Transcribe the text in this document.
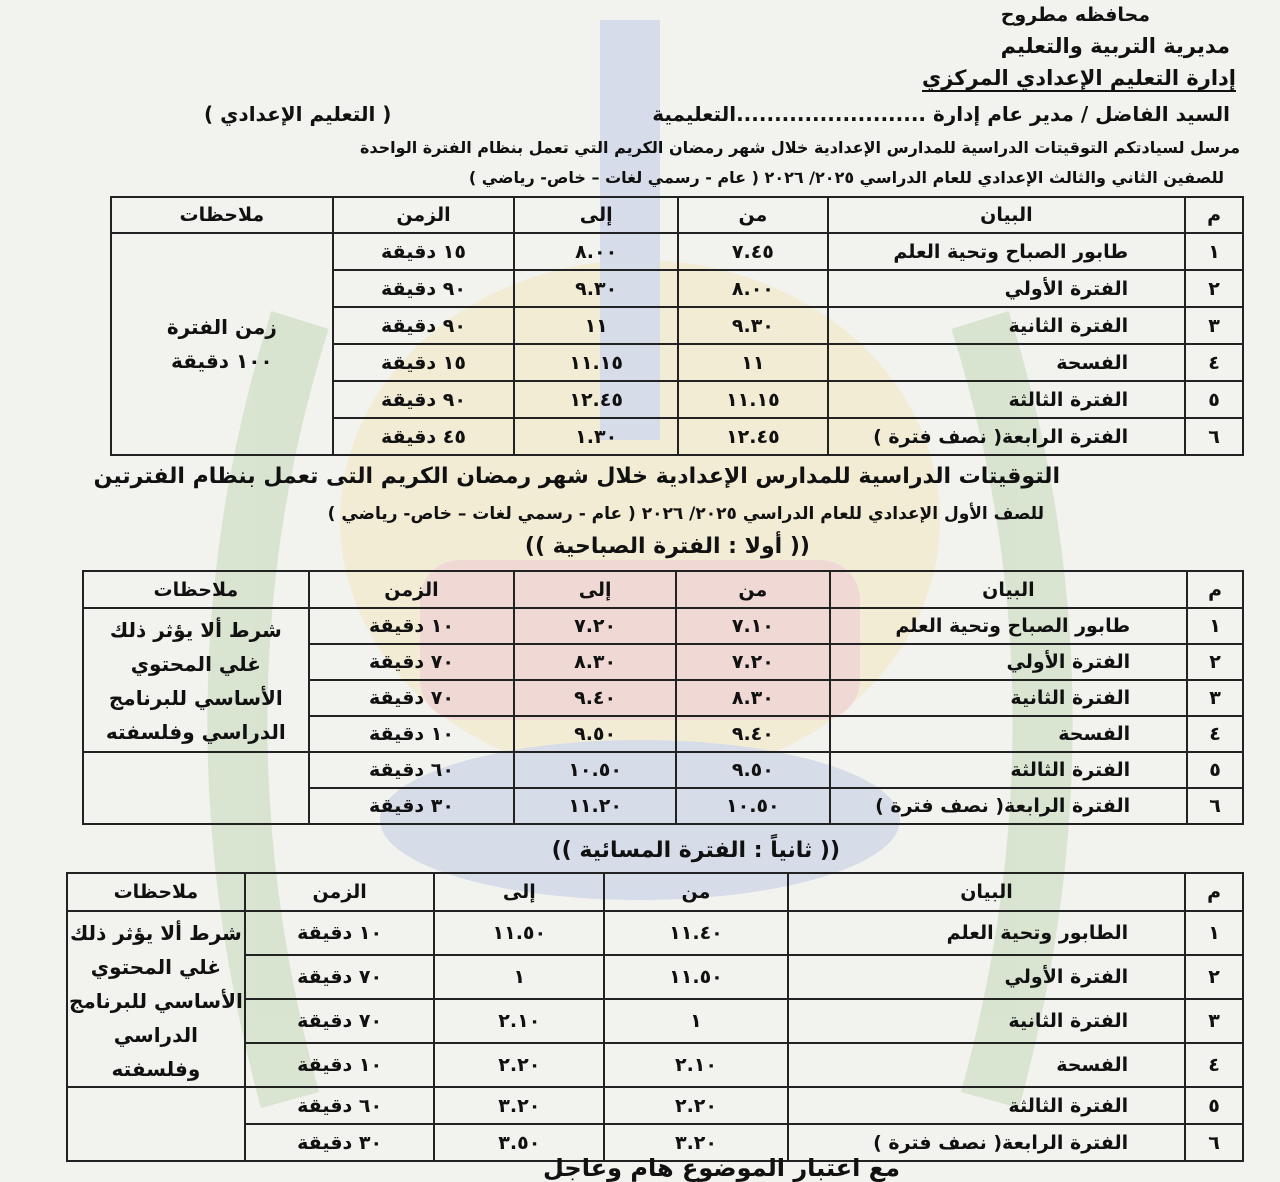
محافظه مطروح
مديرية التربية والتعليم
إدارة التعليم الإعدادي المركزي
السيد الفاضل / مدير عام إدارة .........................التعليمية
( التعليم الإعدادي )
مرسل لسيادتكم التوقيتات الدراسية للمدارس الإعدادية خلال شهر رمضان الكريم التي تعمل بنظام الفترة الواحدة
للصفين الثاني والثالث الإعدادي للعام الدراسي ٢٠٢٥/ ٢٠٢٦ ( عام - رسمي لغات – خاص- رياضي )
م	البيان	من	إلى	الزمن	ملاحظات
١	طابور الصباح وتحية العلم	٧.٤٥	٨.٠٠	١٥ دقيقة	زمن الفترة
١٠٠ دقيقة

٢	الفترة الأولي	٨.٠٠	٩.٣٠	٩٠ دقيقة	
٣	الفترة الثانية	٩.٣٠	١١	٩٠ دقيقة	
٤	الفسحة	١١	١١.١٥	١٥ دقيقة	
٥	الفترة الثالثة	١١.١٥	١٢.٤٥	٩٠ دقيقة	
٦	الفترة الرابعة( نصف فترة )	١٢.٤٥	١.٣٠	٤٥ دقيقة	
التوقيتات الدراسية للمدارس الإعدادية خلال شهر رمضان الكريم التى تعمل بنظام الفترتين
للصف الأول الإعدادي للعام الدراسي ٢٠٢٥/ ٢٠٢٦ ( عام - رسمي لغات – خاص- رياضي )
(( أولا : الفترة الصباحية ))
م	البيان	من	إلى	الزمن	ملاحظات
١	طابور الصباح وتحية العلم	٧.١٠	٧.٢٠	١٠ دقيقة	شرط ألا يؤثر ذلك
غلي المحتوي
الأساسي للبرنامج
الدراسي وفلسفته

٢	الفترة الأولي	٧.٢٠	٨.٣٠	٧٠ دقيقة	
٣	الفترة الثانية	٨.٣٠	٩.٤٠	٧٠ دقيقة	
٤	الفسحة	٩.٤٠	٩.٥٠	١٠ دقيقة	
٥	الفترة الثالثة	٩.٥٠	١٠.٥٠	٦٠ دقيقة	
٦	الفترة الرابعة( نصف فترة )	١٠.٥٠	١١.٢٠	٣٠ دقيقة	
(( ثانياً : الفترة المسائية ))
م	البيان	من	إلى	الزمن	ملاحظات
١	الطابور وتحية العلم	١١.٤٠	١١.٥٠	١٠ دقيقة	شرط ألا يؤثر ذلك
غلي المحتوي
الأساسي للبرنامج
الدراسي وفلسفته

٢	الفترة الأولي	١١.٥٠	١	٧٠ دقيقة	
٣	الفترة الثانية	١	٢.١٠	٧٠ دقيقة	
٤	الفسحة	٢.١٠	٢.٢٠	١٠ دقيقة	
٥	الفترة الثالثة	٢.٢٠	٣.٢٠	٦٠ دقيقة	
٦	الفترة الرابعة( نصف فترة )	٣.٢٠	٣.٥٠	٣٠ دقيقة	
مع اعتبار الموضوع هام وعاجل
